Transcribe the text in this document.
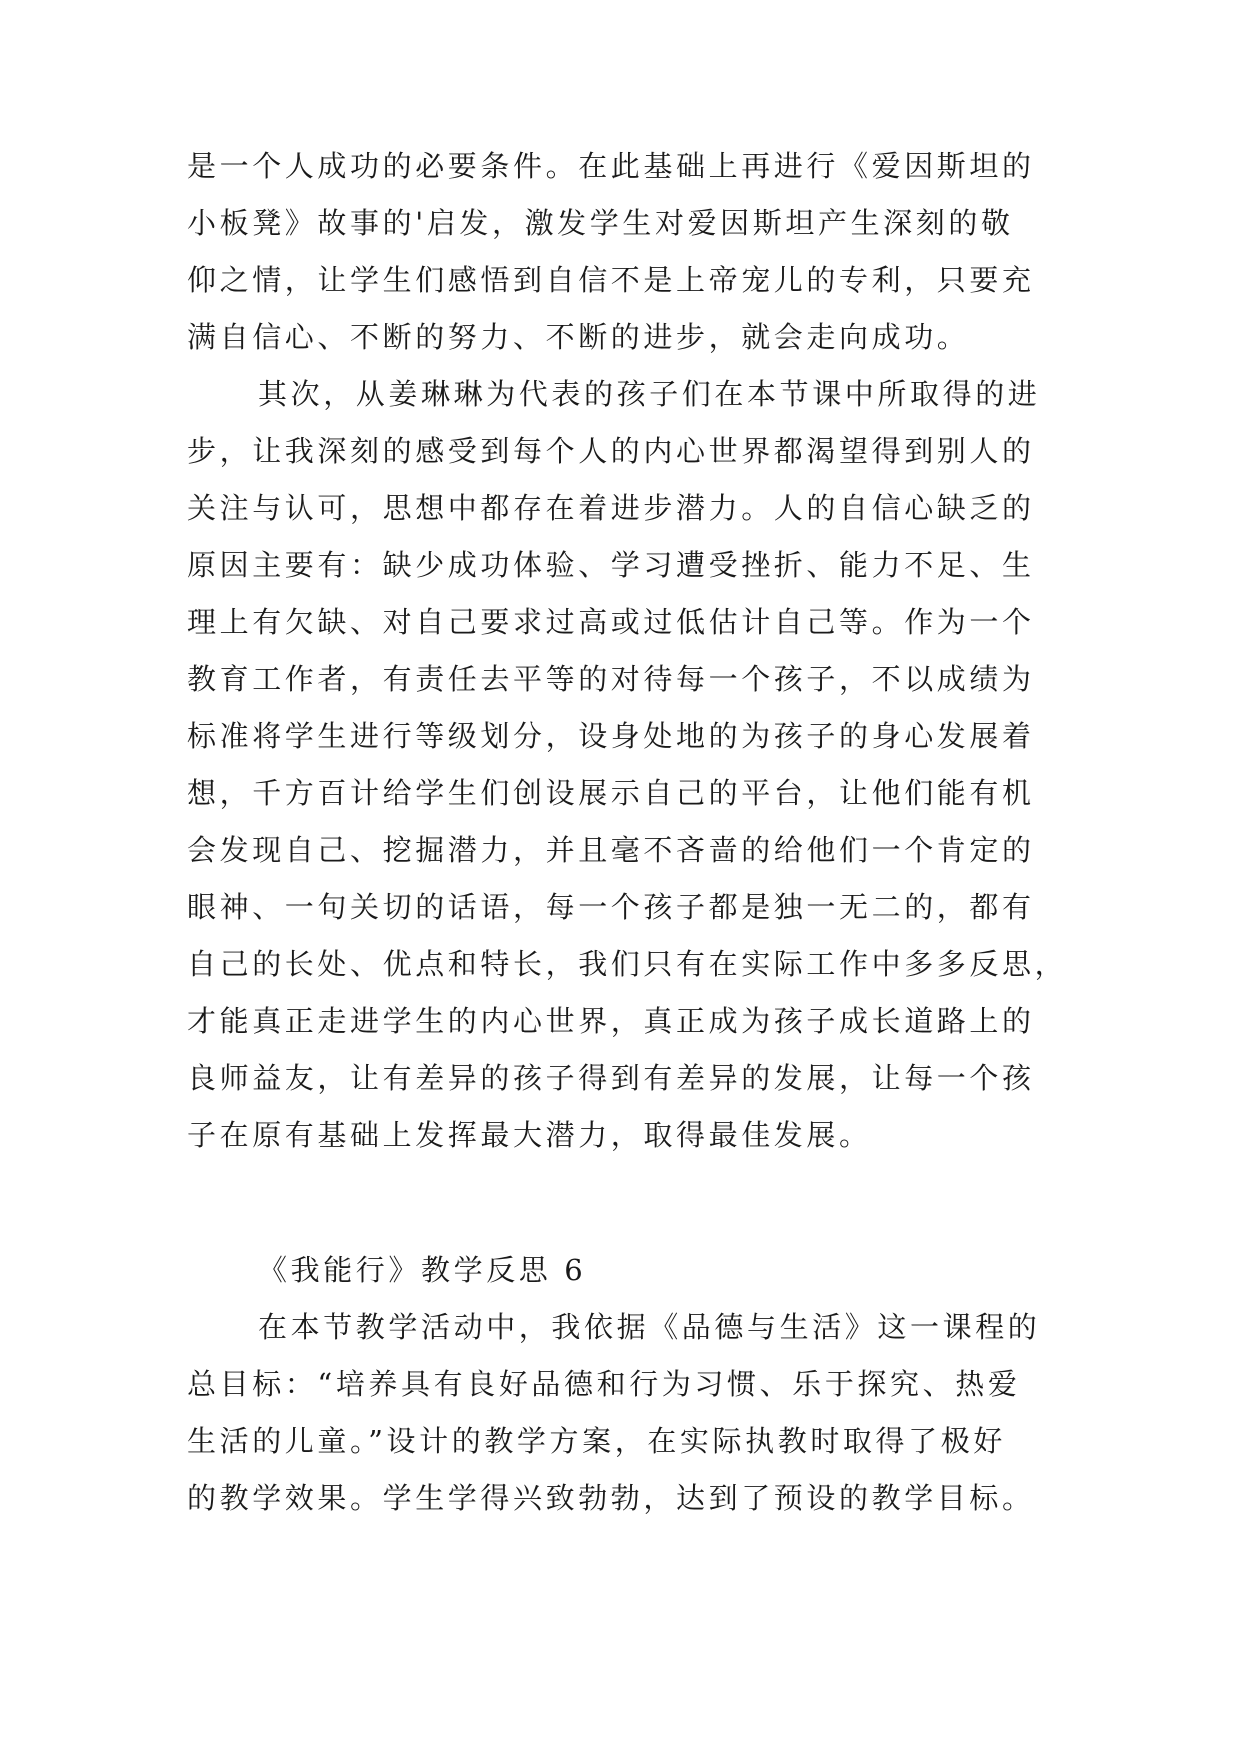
是一个人成功的必要条件。在此基础上再进行《爱因斯坦的
小板凳》故事的'启发，激发学生对爱因斯坦产生深刻的敬
仰之情，让学生们感悟到自信不是上帝宠儿的专利，只要充
满自信心、不断的努力、不断的进步，就会走向成功。
其次，从姜琳琳为代表的孩子们在本节课中所取得的进
步，让我深刻的感受到每个人的内心世界都渴望得到别人的
关注与认可，思想中都存在着进步潜力。人的自信心缺乏的
原因主要有：缺少成功体验、学习遭受挫折、能力不足、生
理上有欠缺、对自己要求过高或过低估计自己等。作为一个
教育工作者，有责任去平等的对待每一个孩子，不以成绩为
标准将学生进行等级划分，设身处地的为孩子的身心发展着
想，千方百计给学生们创设展示自己的平台，让他们能有机
会发现自己、挖掘潜力，并且毫不吝啬的给他们一个肯定的
眼神、一句关切的话语，每一个孩子都是独一无二的，都有
自己的长处、优点和特长，我们只有在实际工作中多多反思，
才能真正走进学生的内心世界，真正成为孩子成长道路上的
良师益友，让有差异的孩子得到有差异的发展，让每一个孩
子在原有基础上发挥最大潜力，取得最佳发展。
《我能行》教学反思 6
在本节教学活动中，我依据《品德与生活》这一课程的
总目标：“培养具有良好品德和行为习惯、乐于探究、热爱
生活的儿童。”设计的教学方案，在实际执教时取得了极好
的教学效果。学生学得兴致勃勃，达到了预设的教学目标。
